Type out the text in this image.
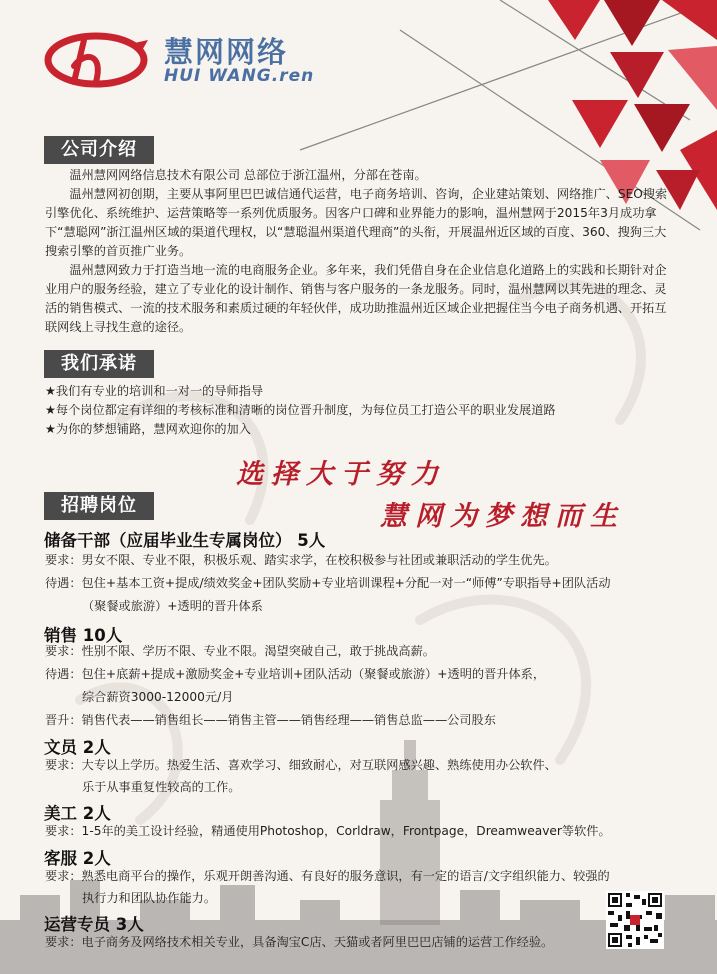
慧网网络
HUI WANG.ren
公司介绍

温州慧网网络信息技术有限公司 总部位于浙江温州，分部在苍南。

温州慧网初创期，主要从事阿里巴巴诚信通代运营，电子商务培训、咨询，企业建站策划、网络推广、SEO搜索引擎优化、系统维护、运营策略等一系列优质服务。因客户口碑和业界能力的影响，温州慧网于2015年3月成功拿下“慧聪网”浙江温州区域的渠道代理权，以“慧聪温州渠道代理商”的头衔，开展温州近区域的百度、360、搜狗三大搜索引擎的首页推广业务。

温州慧网致力于打造当地一流的电商服务企业。多年来，我们凭借自身在企业信息化道路上的实践和长期针对企业用户的服务经验，建立了专业化的设计制作、销售与客户服务的一条龙服务。同时，温州慧网以其先进的理念、灵活的销售模式、一流的技术服务和素质过硬的年轻伙伴，成功助推温州近区域企业把握住当今电子商务机遇、开拓互联网线上寻找生意的途径。

我们承诺
★我们有专业的培训和一对一的导师指导
★每个岗位都定有详细的考核标准和清晰的岗位晋升制度，为每位员工打造公平的职业发展道路
★为你的梦想铺路，慧网欢迎你的加入
选择大于努力
慧网为梦想而生
招聘岗位
储备干部（应届毕业生专属岗位） 5人
要求：男女不限、专业不限，积极乐观、踏实求学，在校积极参与社团或兼职活动的学生优先。
待遇：包住+基本工资+提成/绩效奖金+团队奖励+专业培训课程+分配一对一“师傅”专职指导+团队活动
（聚餐或旅游）+透明的晋升体系
销售 10人
要求：性别不限、学历不限、专业不限。渴望突破自己，敢于挑战高薪。
待遇：包住+底薪+提成+激励奖金+专业培训+团队活动（聚餐或旅游）+透明的晋升体系，
综合薪资3000-12000元/月
晋升：销售代表——销售组长——销售主管——销售经理——销售总监——公司股东
文员 2人
要求：大专以上学历。热爱生活、喜欢学习、细致耐心，对互联网感兴趣、熟练使用办公软件、
乐于从事重复性较高的工作。
美工 2人
要求：1-5年的美工设计经验，精通使用Photoshop，Corldraw，Frontpage，Dreamweaver等软件。
客服 2人
要求：熟悉电商平台的操作，乐观开朗善沟通、有良好的服务意识，有一定的语言/文字组织能力、较强的
执行力和团队协作能力。
运营专员 3人
要求：电子商务及网络技术相关专业，具备淘宝C店、天猫或者阿里巴巴店铺的运营工作经验。
